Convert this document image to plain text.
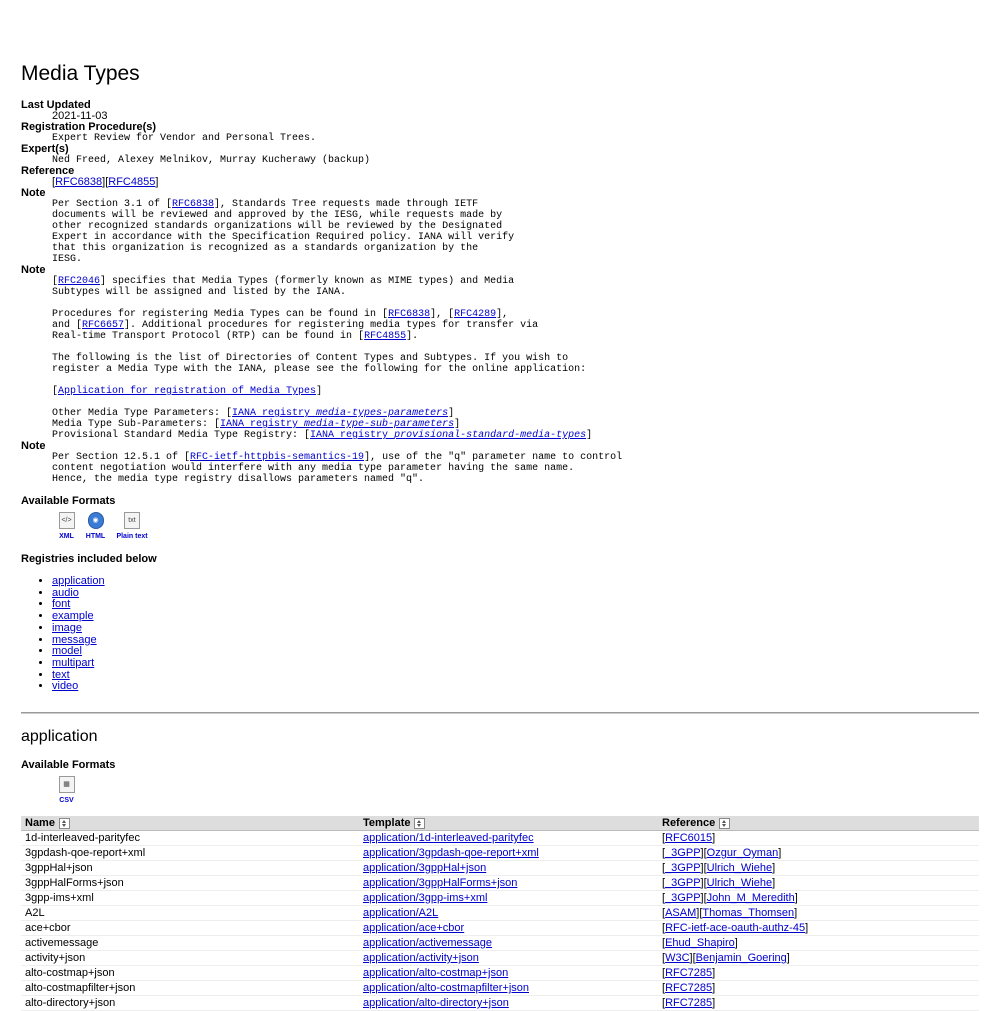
Media Types
Last Updated
2021-11-03
Registration Procedure(s)
Expert Review for Vendor and Personal Trees.
Expert(s)
Ned Freed, Alexey Melnikov, Murray Kucherawy (backup)
Reference
[RFC6838][RFC4855]
Note
Per Section 3.1 of [RFC6838], Standards Tree requests made through IETF
documents will be reviewed and approved by the IESG, while requests made by
other recognized standards organizations will be reviewed by the Designated
Expert in accordance with the Specification Required policy. IANA will verify
that this organization is recognized as a standards organization by the
IESG.
Note
[RFC2046] specifies that Media Types (formerly known as MIME types) and Media
Subtypes will be assigned and listed by the IANA.

Procedures for registering Media Types can be found in [RFC6838], [RFC4289],
and [RFC6657]. Additional procedures for registering media types for transfer via
Real-time Transport Protocol (RTP) can be found in [RFC4855].

The following is the list of Directories of Content Types and Subtypes. If you wish to
register a Media Type with the IANA, please see the following for the online application:

[Application for registration of Media Types]

Other Media Type Parameters: [IANA registry media-types-parameters]
Media Type Sub-Parameters: [IANA registry media-type-sub-parameters]
Provisional Standard Media Type Registry: [IANA registry provisional-standard-media-types]
Note
Per Section 12.5.1 of [RFC-ietf-httpbis-semantics-19], use of the "q" parameter name to control
content negotiation would interfere with any media type parameter having the same name.
Hence, the media type registry disallows parameters named "q".
Available Formats
</>
XML
◉
HTML
txt
Plain text
Registries included below
• application
• audio
• font
• example
• image
• message
• model
• multipart
• text
• video
application
Available Formats
▦
CSV
Name	Template	Reference
1d-interleaved-parityfec	application/1d-interleaved-parityfec	[RFC6015]
3gpdash-qoe-report+xml	application/3gpdash-qoe-report+xml	[_3GPP][Ozgur_Oyman]
3gppHal+json	application/3gppHal+json	[_3GPP][Ulrich_Wiehe]
3gppHalForms+json	application/3gppHalForms+json	[_3GPP][Ulrich_Wiehe]
3gpp-ims+xml	application/3gpp-ims+xml	[_3GPP][John_M_Meredith]
A2L	application/A2L	[ASAM][Thomas_Thomsen]
ace+cbor	application/ace+cbor	[RFC-ietf-ace-oauth-authz-45]
activemessage	application/activemessage	[Ehud_Shapiro]
activity+json	application/activity+json	[W3C][Benjamin_Goering]
alto-costmap+json	application/alto-costmap+json	[RFC7285]
alto-costmapfilter+json	application/alto-costmapfilter+json	[RFC7285]
alto-directory+json	application/alto-directory+json	[RFC7285]
